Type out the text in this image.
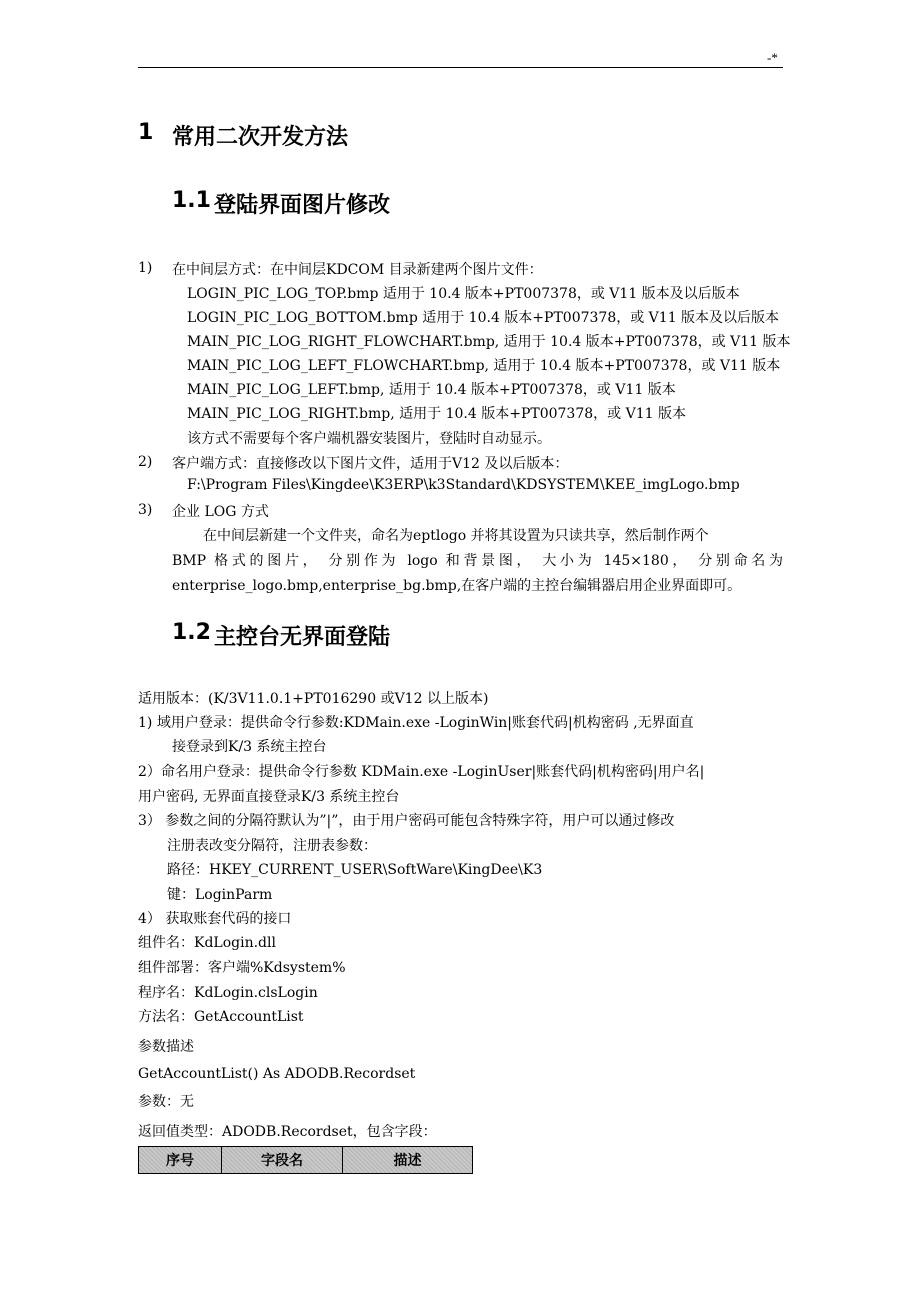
-*
1 常用二次开发方法
1.1 登陆界面图片修改
1) 在中间层方式：在中间层KDCOM 目录新建两个图片文件：
LOGIN_PIC_LOG_TOP.bmp 适用于 10.4 版本+PT007378，或 V11 版本及以后版本
LOGIN_PIC_LOG_BOTTOM.bmp 适用于 10.4 版本+PT007378，或 V11 版本及以后版本
MAIN_PIC_LOG_RIGHT_FLOWCHART.bmp, 适用于 10.4 版本+PT007378，或 V11 版本
MAIN_PIC_LOG_LEFT_FLOWCHART.bmp, 适用于 10.4 版本+PT007378，或 V11 版本
MAIN_PIC_LOG_LEFT.bmp, 适用于 10.4 版本+PT007378，或 V11 版本
MAIN_PIC_LOG_RIGHT.bmp, 适用于 10.4 版本+PT007378，或 V11 版本
该方式不需要每个客户端机器安装图片，登陆时自动显示。
2) 客户端方式：直接修改以下图片文件，适用于V12 及以后版本：
F:\Program Files\Kingdee\K3ERP\k3Standard\KDSYSTEM\KEE_imgLogo.bmp
3) 企业 LOG 方式
在中间层新建一个文件夹，命名为eptlogo 并将其设置为只读共享，然后制作两个
BMP 格式的图片， 分别作为 logo 和背景图， 大小为 145×180， 分别命名为
enterprise_logo.bmp,enterprise_bg.bmp,在客户端的主控台编辑器启用企业界面即可。
1.2 主控台无界面登陆
适用版本：(K/3V11.0.1+PT016290 或V12 以上版本)
1) 域用户登录：提供命令行参数:KDMain.exe -LoginWin|账套代码|机构密码 ,无界面直
接登录到K/3 系统主控台
2）命名用户登录：提供命令行参数 KDMain.exe -LoginUser|账套代码|机构密码|用户名|
用户密码, 无界面直接登录K/3 系统主控台
3） 参数之间的分隔符默认为”|”，由于用户密码可能包含特殊字符，用户可以通过修改
注册表改变分隔符，注册表参数：
路径：HKEY_CURRENT_USER\SoftWare\KingDee\K3
键：LoginParm
4） 获取账套代码的接口
组件名：KdLogin.dll
组件部署：客户端%Kdsystem%
程序名：KdLogin.clsLogin
方法名：GetAccountList
参数描述
GetAccountList() As ADODB.Recordset
参数：无
返回值类型：ADODB.Recordset，包含字段：
序号	字段名	描述
